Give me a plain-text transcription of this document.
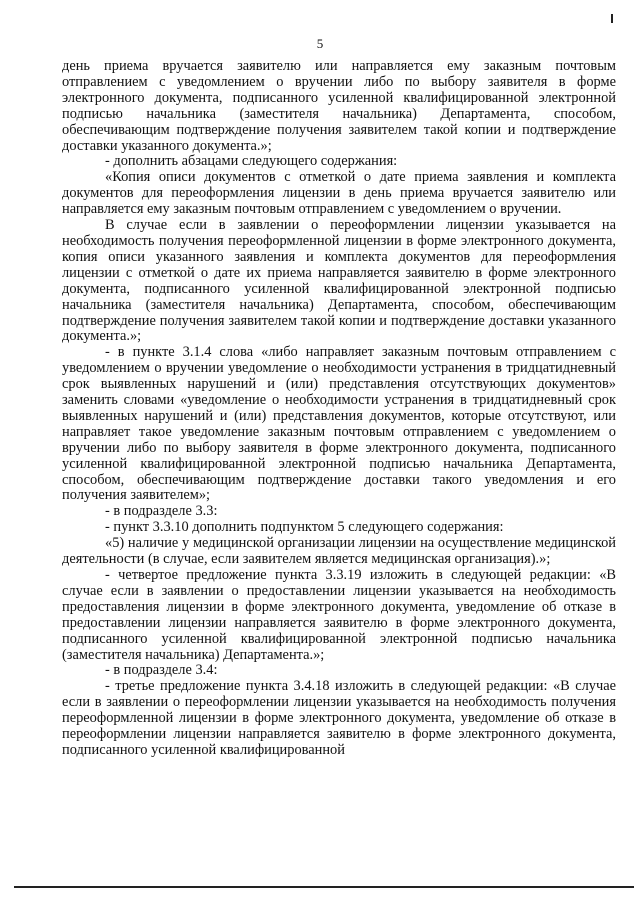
5

день приема вручается заявителю или направляется ему заказным почтовым отправлением с уведомлением о вручении либо по выбору заявителя в форме электронного документа, подписанного усиленной квалифицированной электронной подписью начальника (заместителя начальника) Департамента, способом, обеспечивающим подтверждение получения заявителем такой копии и подтверждение доставки указанного документа.»;

- дополнить абзацами следующего содержания:

«Копия описи документов с отметкой о дате приема заявления и комплекта документов для переоформления лицензии в день приема вручается заявителю или направляется ему заказным почтовым отправлением с уведомлением о вручении.

В случае если в заявлении о переоформлении лицензии указывается на необходимость получения переоформленной лицензии в форме электронного документа, копия описи указанного заявления и комплекта документов для переоформления лицензии с отметкой о дате их приема направляется заявителю в форме электронного документа, подписанного усиленной квалифицированной электронной подписью начальника (заместителя начальника) Департамента, способом, обеспечивающим подтверждение получения заявителем такой копии и подтверждение доставки указанного документа.»;

- в пункте 3.1.4 слова «либо направляет заказным почтовым отправлением с уведомлением о вручении уведомление о необходимости устранения в тридцатидневный срок выявленных нарушений и (или) представления отсутствующих документов» заменить словами «уведомление о необходимости устранения в тридцатидневный срок выявленных нарушений и (или) представления документов, которые отсутствуют, или направляет такое уведомление заказным почтовым отправлением с уведомлением о вручении либо по выбору заявителя в форме электронного документа, подписанного усиленной квалифицированной электронной подписью начальника Департамента, способом, обеспечивающим подтверждение доставки такого уведомления и его получения заявителем»;

- в подразделе 3.3:

- пункт 3.3.10 дополнить подпунктом 5 следующего содержания:

«5) наличие у медицинской организации лицензии на осуществление медицинской деятельности (в случае, если заявителем является медицинская организация).»;

- четвертое предложение пункта 3.3.19 изложить в следующей редакции: «В случае если в заявлении о предоставлении лицензии указывается на необходимость предоставления лицензии в форме электронного документа, уведомление об отказе в предоставлении лицензии направляется заявителю в форме электронного документа, подписанного усиленной квалифицированной электронной подписью начальника (заместителя начальника) Департамента.»;

- в подразделе 3.4:

- третье предложение пункта 3.4.18 изложить в следующей редакции: «В случае если в заявлении о переоформлении лицензии указывается на необходимость получения переоформленной лицензии в форме электронного документа, уведомление об отказе в переоформлении лицензии направляется заявителю в форме электронного документа, подписанного усиленной квалифицированной
